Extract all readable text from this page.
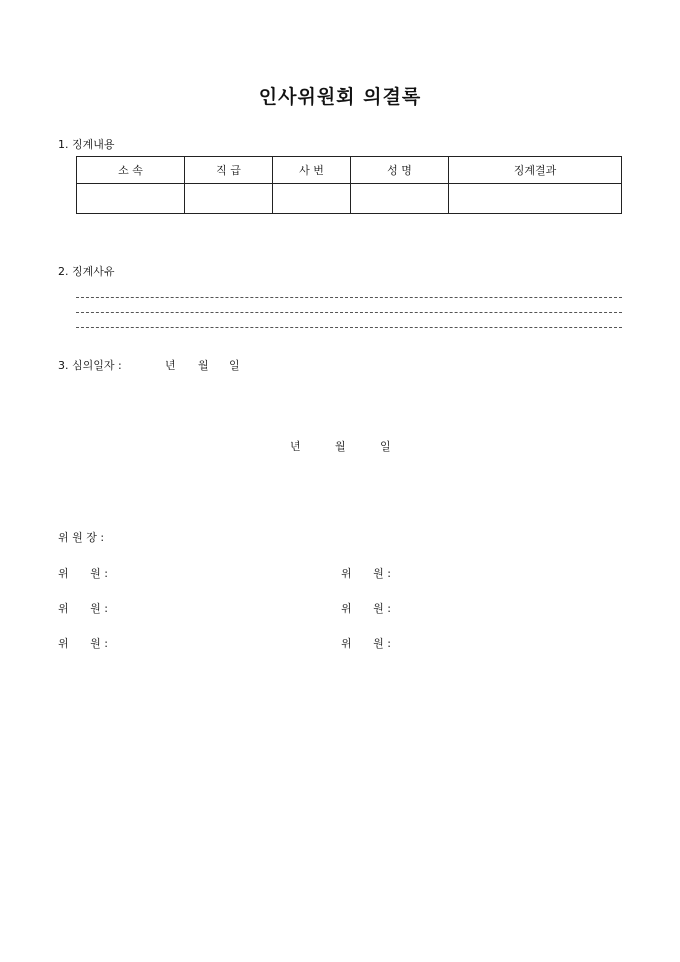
인사위원회 의결록
1. 징계내용
소 속	직 급	사 번	성 명	징계결과

2. 징계사유
3. 심의일자 :	년 월 일
년	월	일
위 원 장 :
위 원 :	위 원 :
위 원 :	위 원 :
위 원 :	위 원 :
